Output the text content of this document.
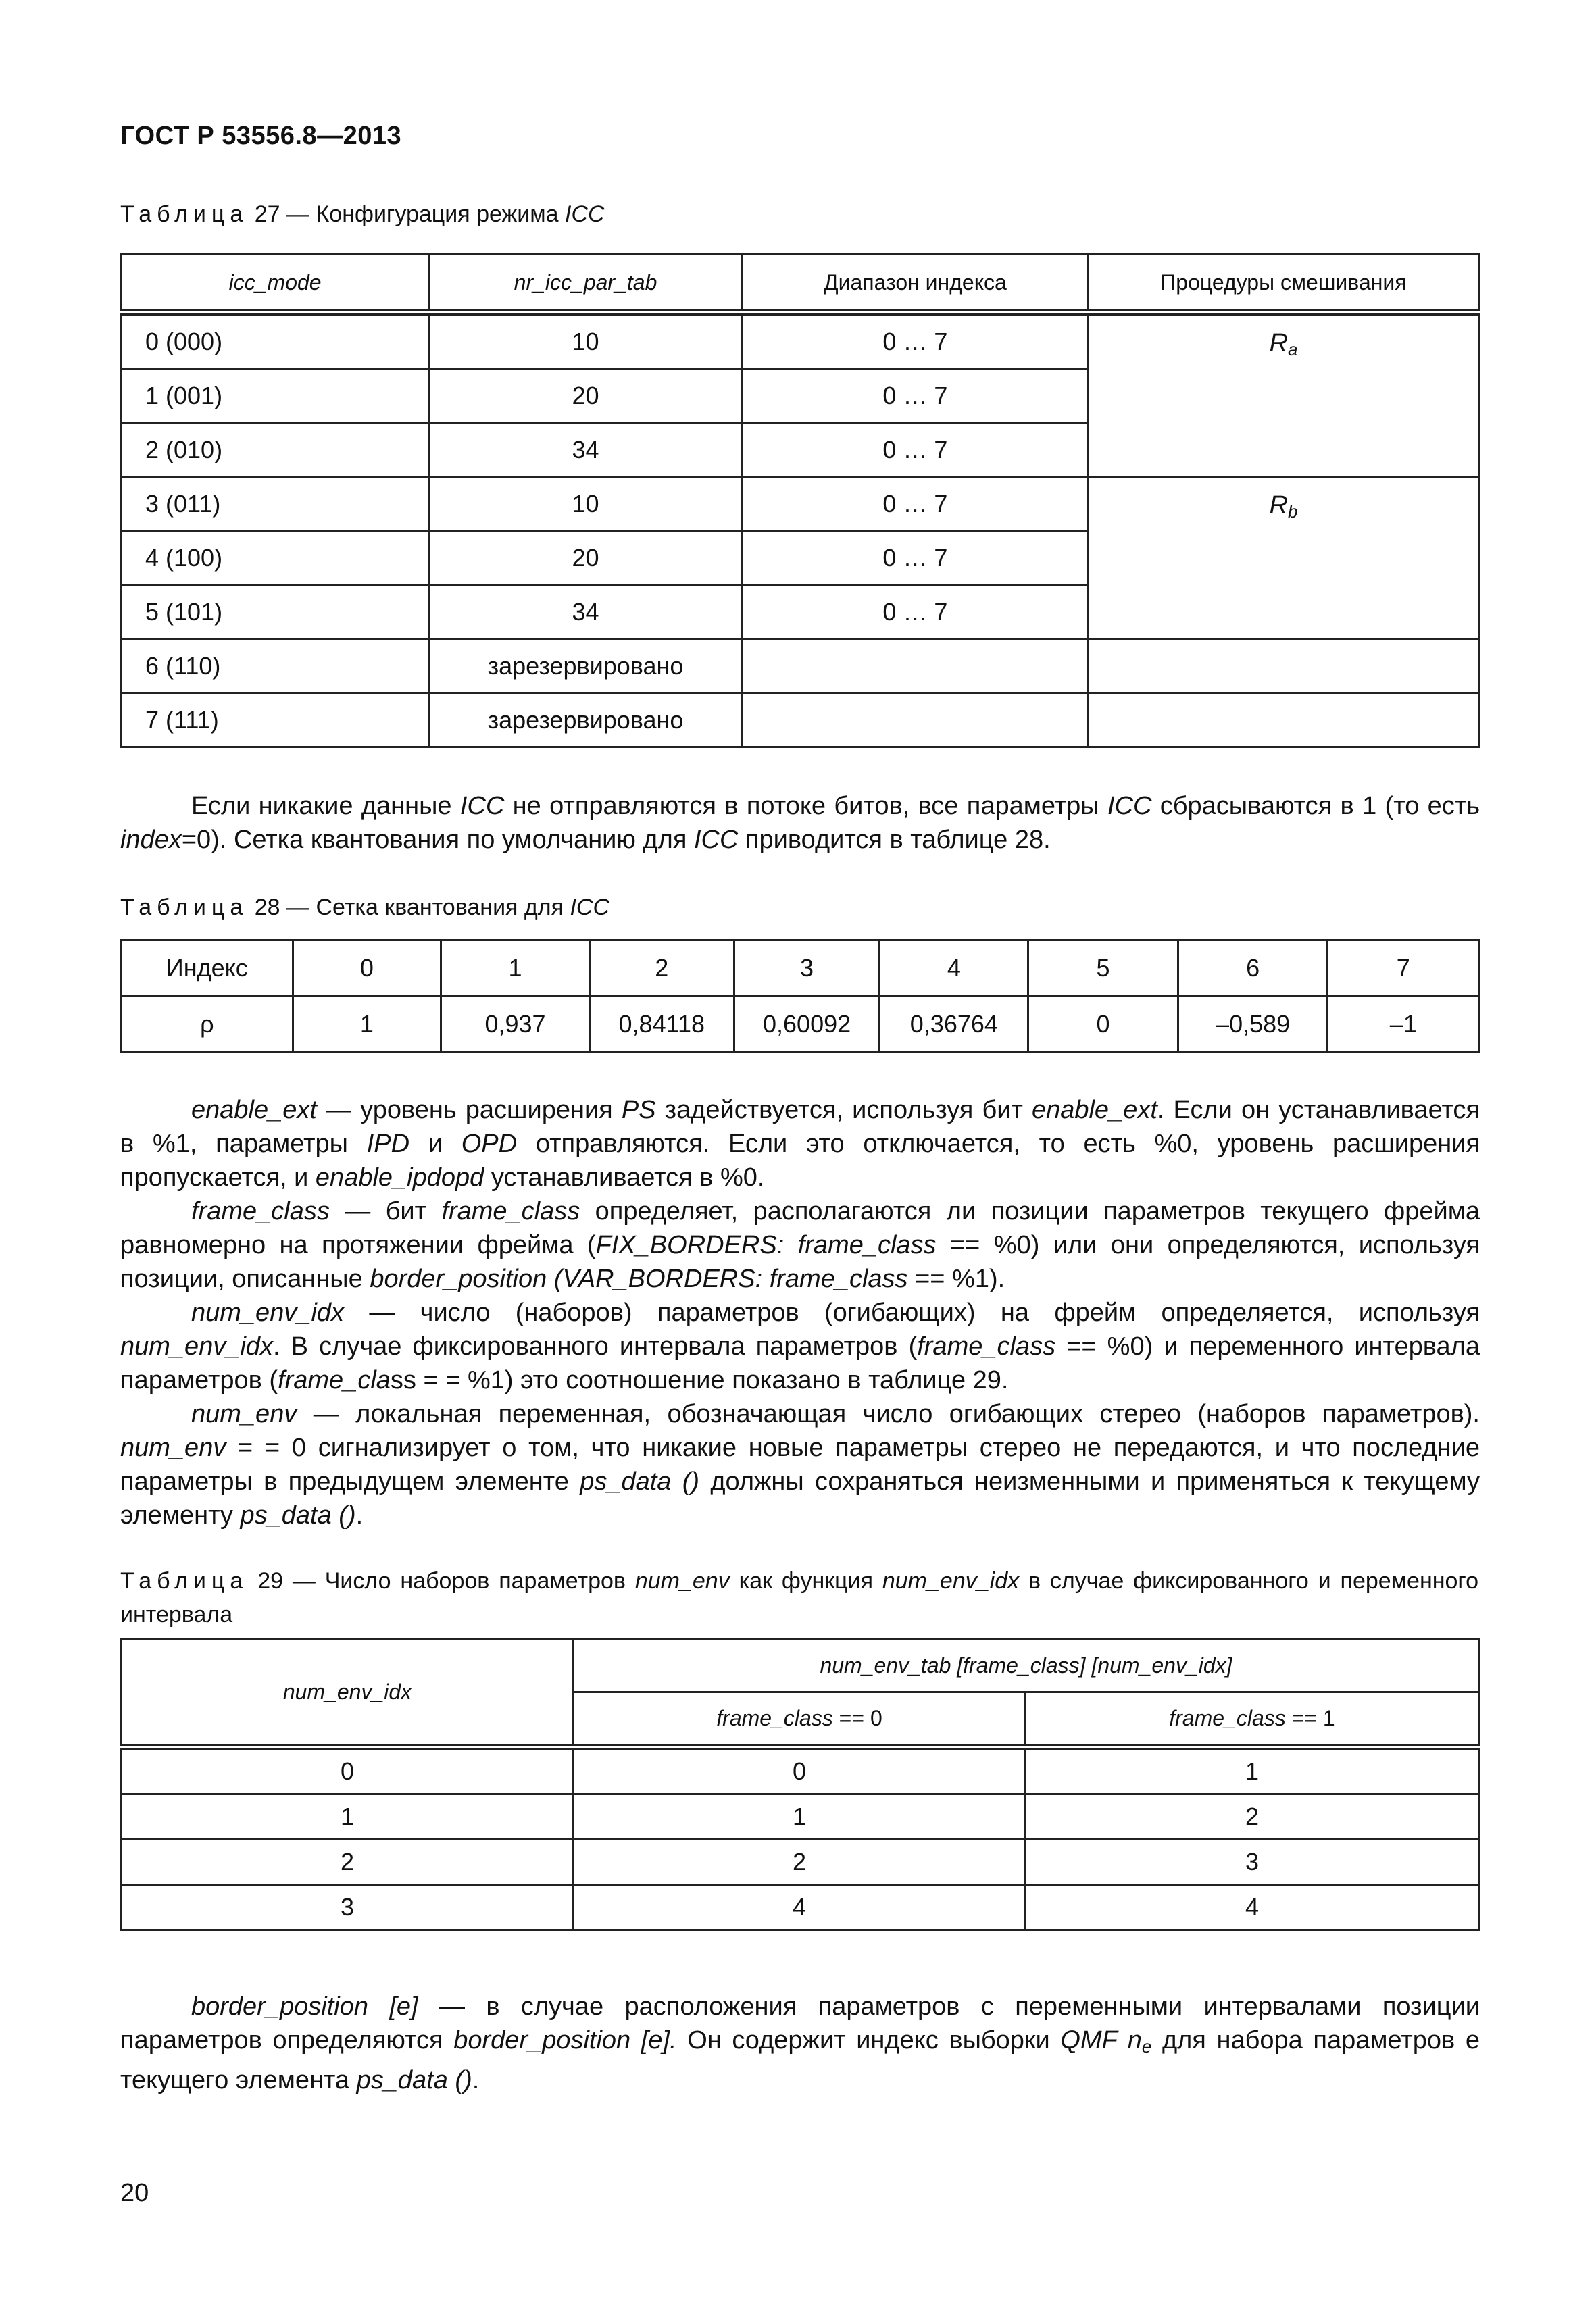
ГОСТ Р 53556.8—2013
Таблица 27 — Конфигурация режима ICC
icc_mode	nr_icc_par_tab	Диапазон индекса	Процедуры смешивания
0 (000)	10	0 … 7	$R_a$
1 (001)	20	0 … 7	
2 (010)	34	0 … 7	
3 (011)	10	0 … 7	$R_b$
4 (100)	20	0 … 7	
5 (101)	34	0 … 7	
6 (110)	зарезервировано		
7 (111)	зарезервировано		

Если никакие данные ICC не отправляются в потоке битов, все параметры ICC сбрасываются в 1 (то есть index=0). Сетка квантования по умолчанию для ICC приводится в таблице 28.

Таблица 28 — Сетка квантования для ICC
Индекс	0	1	2	3	4	5	6	7
ρ	1	0,937	0,84118	0,60092	0,36764	0	–0,589	–1

enable_ext — уровень расширения PS задействуется, используя бит enable_ext. Если он устанавливается в %1, параметры IPD и OPD отправляются. Если это отключается, то есть %0, уровень расширения пропускается, и enable_ipdopd устанавливается в %0.

frame_class — бит frame_class определяет, располагаются ли позиции параметров текущего фрейма равномерно на протяжении фрейма (FIX_BORDERS: frame_class == %0) или они определяются, используя позиции, описанные border_position (VAR_BORDERS: frame_class == %1).

num_env_idx — число (наборов) параметров (огибающих) на фрейм определяется, используя num_env_idx. В случае фиксированного интервала параметров (frame_class == %0) и переменного интервала параметров (frame_class = = %1) это соотношение показано в таблице 29.

num_env — локальная переменная, обозначающая число огибающих стерео (наборов параметров). num_env = = 0 сигнализирует о том, что никакие новые параметры стерео не передаются, и что последние параметры в предыдущем элементе ps_data () должны сохраняться неизменными и применяться к текущему элементу ps_data ().

Таблица 29 — Число наборов параметров num_env как функция num_env_idx в случае фиксированного и переменного интервала
num_env_idx	num_env_tab [frame_class] [num_env_idx]	
	frame_class == 0	frame_class == 1
0	0	1
1	1	2
2	2	3
3	4	4

border_position [e] — в случае расположения параметров с переменными интервалами позиции параметров определяются border_position [e]. Он содержит индекс выборки QMF $n_e$ для набора параметров e текущего элемента ps_data ().

20
